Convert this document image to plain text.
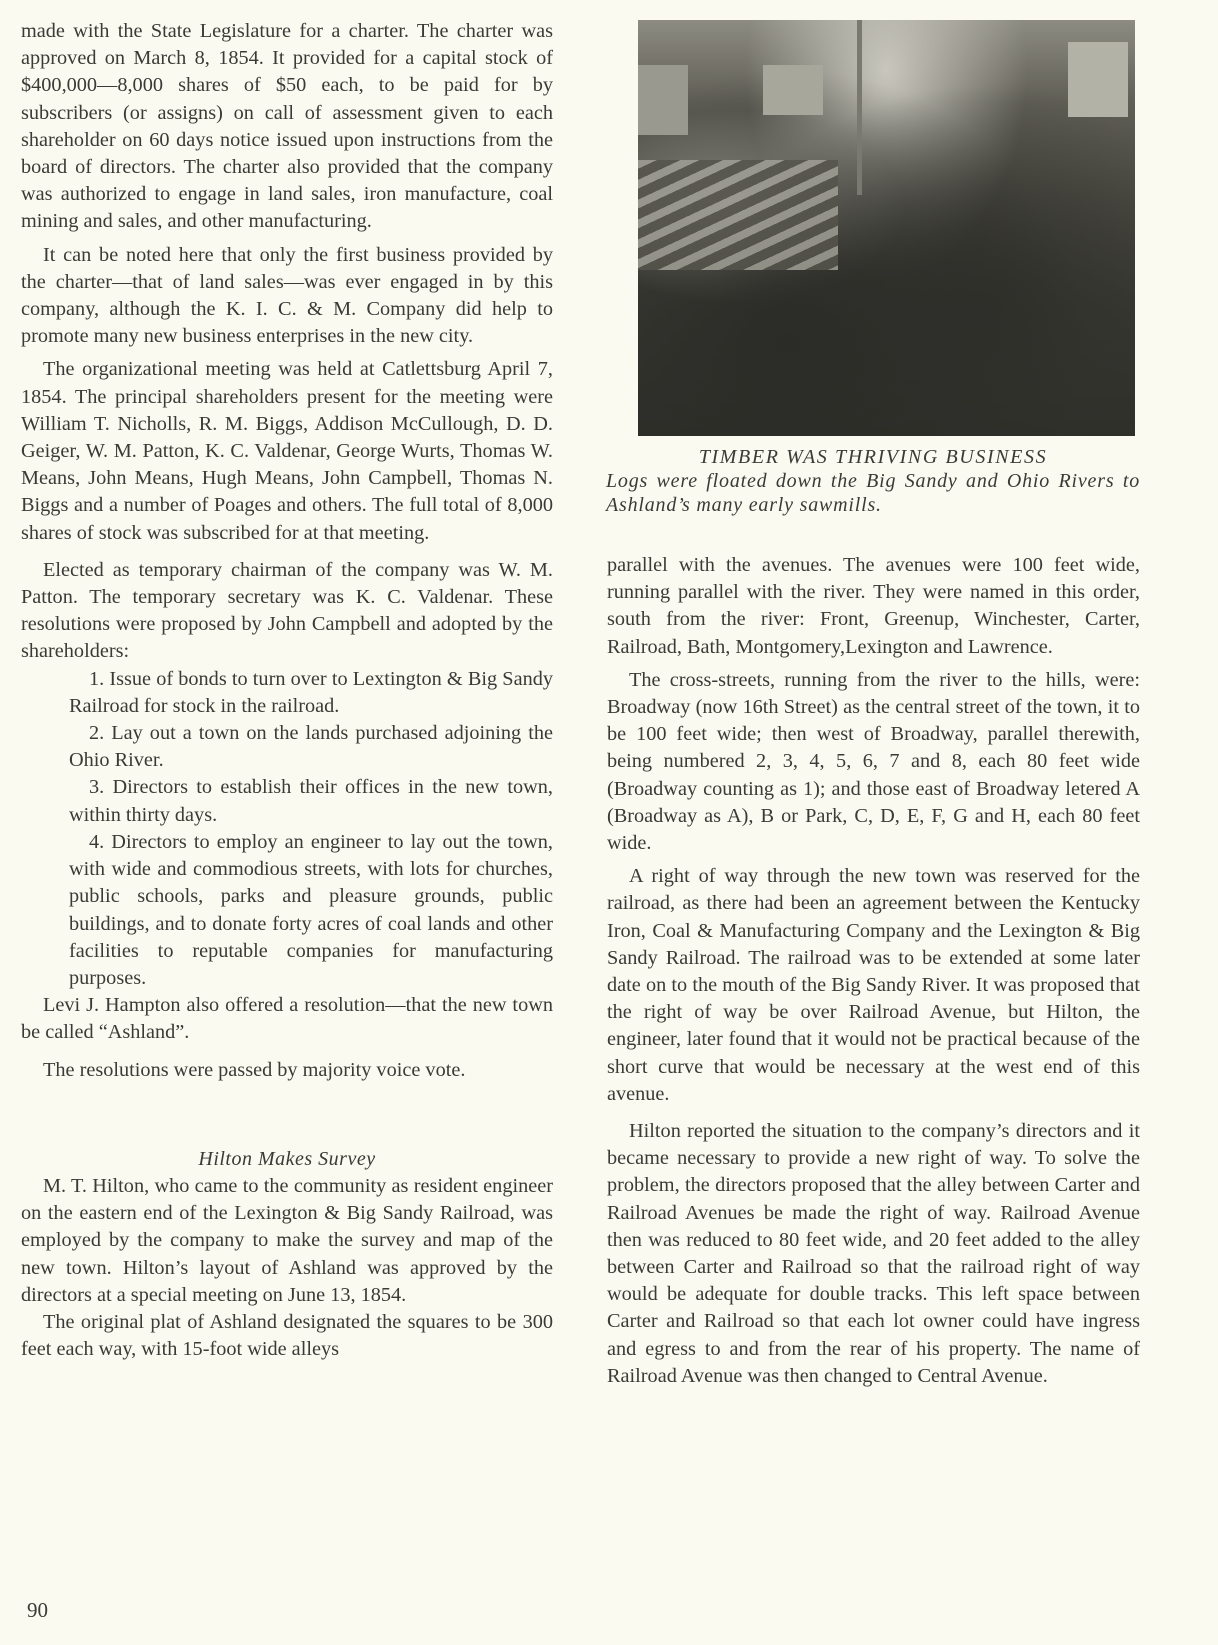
made with the State Legislature for a charter. The charter was approved on March 8, 1854. It provided for a capital stock of $400,000—8,000 shares of $50 each, to be paid for by subscribers (or assigns) on call of assessment given to each shareholder on 60 days notice issued upon instructions from the board of directors. The charter also provided that the company was authorized to engage in land sales, iron manufacture, coal mining and sales, and other manufacturing.

It can be noted here that only the first business provided by the charter—that of land sales—was ever engaged in by this company, although the K. I. C. & M. Company did help to promote many new business enterprises in the new city.

The organizational meeting was held at Catlettsburg April 7, 1854. The principal shareholders present for the meeting were William T. Nicholls, R. M. Biggs, Addison McCullough, D. D. Geiger, W. M. Patton, K. C. Valdenar, George Wurts, Thomas W. Means, John Means, Hugh Means, John Campbell, Thomas N. Biggs and a number of Poages and others. The full total of 8,000 shares of stock was subscribed for at that meeting.

Elected as temporary chairman of the company was W. M. Patton. The temporary secretary was K. C. Valdenar. These resolutions were proposed by John Campbell and adopted by the shareholders:

1. Issue of bonds to turn over to Lextington & Big Sandy Railroad for stock in the railroad.

2. Lay out a town on the lands purchased adjoining the Ohio River.

3. Directors to establish their offices in the new town, within thirty days.

4. Directors to employ an engineer to lay out the town, with wide and commodious streets, with lots for churches, public schools, parks and pleasure grounds, public buildings, and to donate forty acres of coal lands and other facilities to reputable companies for manufacturing purposes.

Levi J. Hampton also offered a resolution—that the new town be called “Ashland”.

The resolutions were passed by majority voice vote.

Hilton Makes Survey

M. T. Hilton, who came to the community as resident engineer on the eastern end of the Lexington & Big Sandy Railroad, was employed by the company to make the survey and map of the new town. Hilton’s layout of Ashland was approved by the directors at a special meeting on June 13, 1854.

The original plat of Ashland designated the squares to be 300 feet each way, with 15-foot wide alleys

TIMBER WAS THRIVING BUSINESS
Logs were floated down the Big Sandy and Ohio Rivers to Ashland’s many early sawmills.

parallel with the avenues. The avenues were 100 feet wide, running parallel with the river. They were named in this order, south from the river: Front, Greenup, Winchester, Carter, Railroad, Bath, Montgomery,Lexington and Lawrence.

The cross-streets, running from the river to the hills, were: Broadway (now 16th Street) as the central street of the town, it to be 100 feet wide; then west of Broadway, parallel therewith, being numbered 2, 3, 4, 5, 6, 7 and 8, each 80 feet wide (Broadway counting as 1); and those east of Broadway letered A (Broadway as A), B or Park, C, D, E, F, G and H, each 80 feet wide.

A right of way through the new town was reserved for the railroad, as there had been an agreement between the Kentucky Iron, Coal & Manufacturing Company and the Lexington & Big Sandy Railroad. The railroad was to be extended at some later date on to the mouth of the Big Sandy River. It was proposed that the right of way be over Railroad Avenue, but Hilton, the engineer, later found that it would not be practical because of the short curve that would be necessary at the west end of this avenue.

Hilton reported the situation to the company’s directors and it became necessary to provide a new right of way. To solve the problem, the directors proposed that the alley between Carter and Railroad Avenues be made the right of way. Railroad Avenue then was reduced to 80 feet wide, and 20 feet added to the alley between Carter and Railroad so that the railroad right of way would be adequate for double tracks. This left space between Carter and Railroad so that each lot owner could have ingress and egress to and from the rear of his property. The name of Railroad Avenue was then changed to Central Avenue.

90
